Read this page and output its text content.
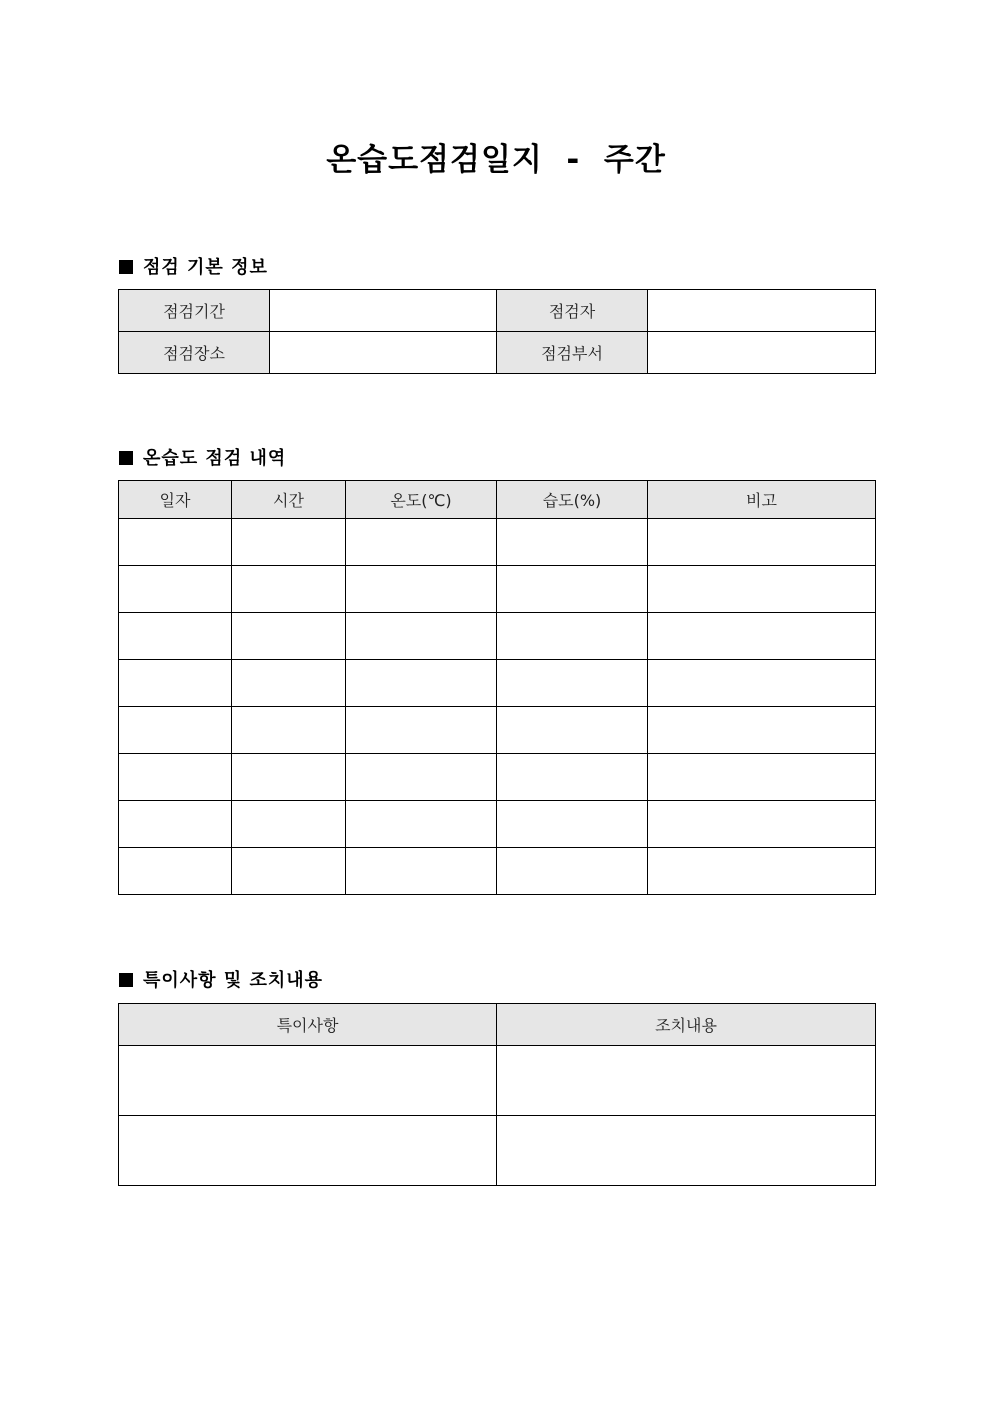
온습도점검일지  -  주간
점검 기본 정보
점검기간		점검자	
점검장소		점검부서	
온습도 점검 내역
일자	시간	온도(℃)	습도(%)	비고

특이사항 및 조치내용
특이사항	조치내용
